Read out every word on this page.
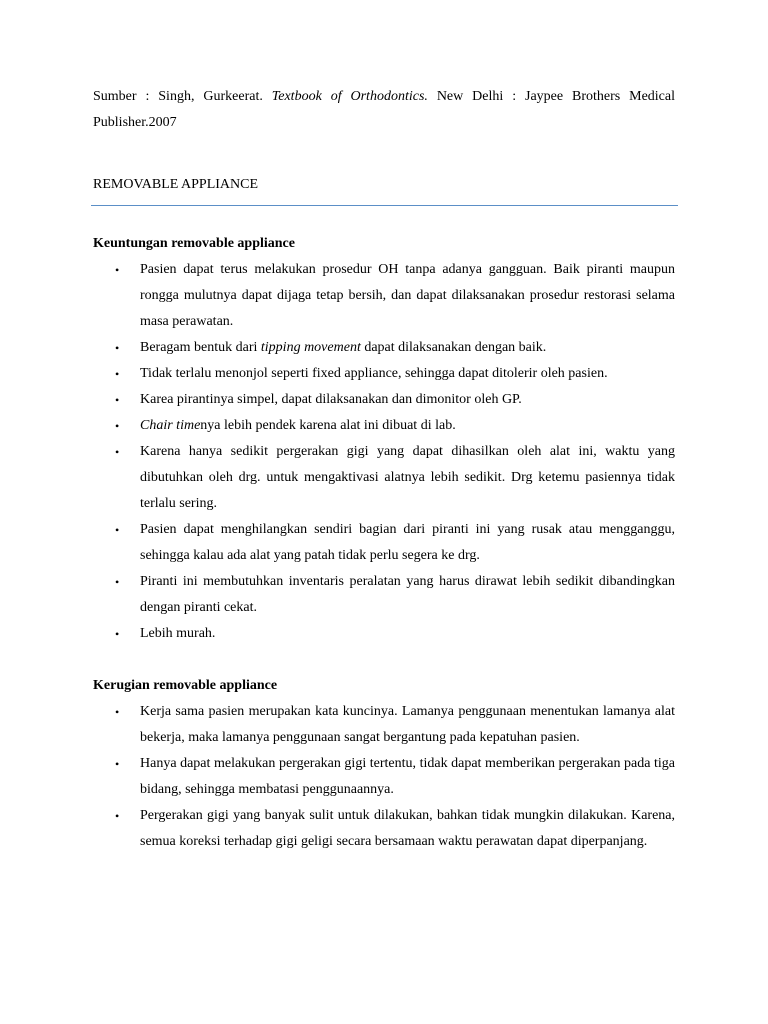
Sumber : Singh, Gurkeerat. Textbook of Orthodontics. New Delhi : Jaypee Brothers Medical Publisher.2007

REMOVABLE APPLIANCE
Keuntungan removable appliance
•	Pasien dapat terus melakukan prosedur OH tanpa adanya gangguan. Baik piranti maupun rongga mulutnya dapat dijaga tetap bersih, dan dapat dilaksanakan prosedur restorasi selama masa perawatan.
•	Beragam bentuk dari tipping movement dapat dilaksanakan dengan baik.
•	Tidak terlalu menonjol seperti fixed appliance, sehingga dapat ditolerir oleh pasien.
•	Karea pirantinya simpel, dapat dilaksanakan dan dimonitor oleh GP.
•	Chair timenya lebih pendek karena alat ini dibuat di lab.
•	Karena hanya sedikit pergerakan gigi yang dapat dihasilkan oleh alat ini, waktu yang dibutuhkan oleh drg. untuk mengaktivasi alatnya lebih sedikit. Drg ketemu pasiennya tidak terlalu sering.
•	Pasien dapat menghilangkan sendiri bagian dari piranti ini yang rusak atau mengganggu, sehingga kalau ada alat yang patah tidak perlu segera ke drg.
•	Piranti ini membutuhkan inventaris peralatan yang harus dirawat lebih sedikit dibandingkan dengan piranti cekat.
•	Lebih murah.
Kerugian removable appliance
•	Kerja sama pasien merupakan kata kuncinya. Lamanya penggunaan menentukan lamanya alat bekerja, maka lamanya penggunaan sangat bergantung pada kepatuhan pasien.
•	Hanya dapat melakukan pergerakan gigi tertentu, tidak dapat memberikan pergerakan pada tiga bidang, sehingga membatasi penggunaannya.
•	Pergerakan gigi yang banyak sulit untuk dilakukan, bahkan tidak mungkin dilakukan. Karena, semua koreksi terhadap gigi geligi secara bersamaan waktu perawatan dapat diperpanjang.
